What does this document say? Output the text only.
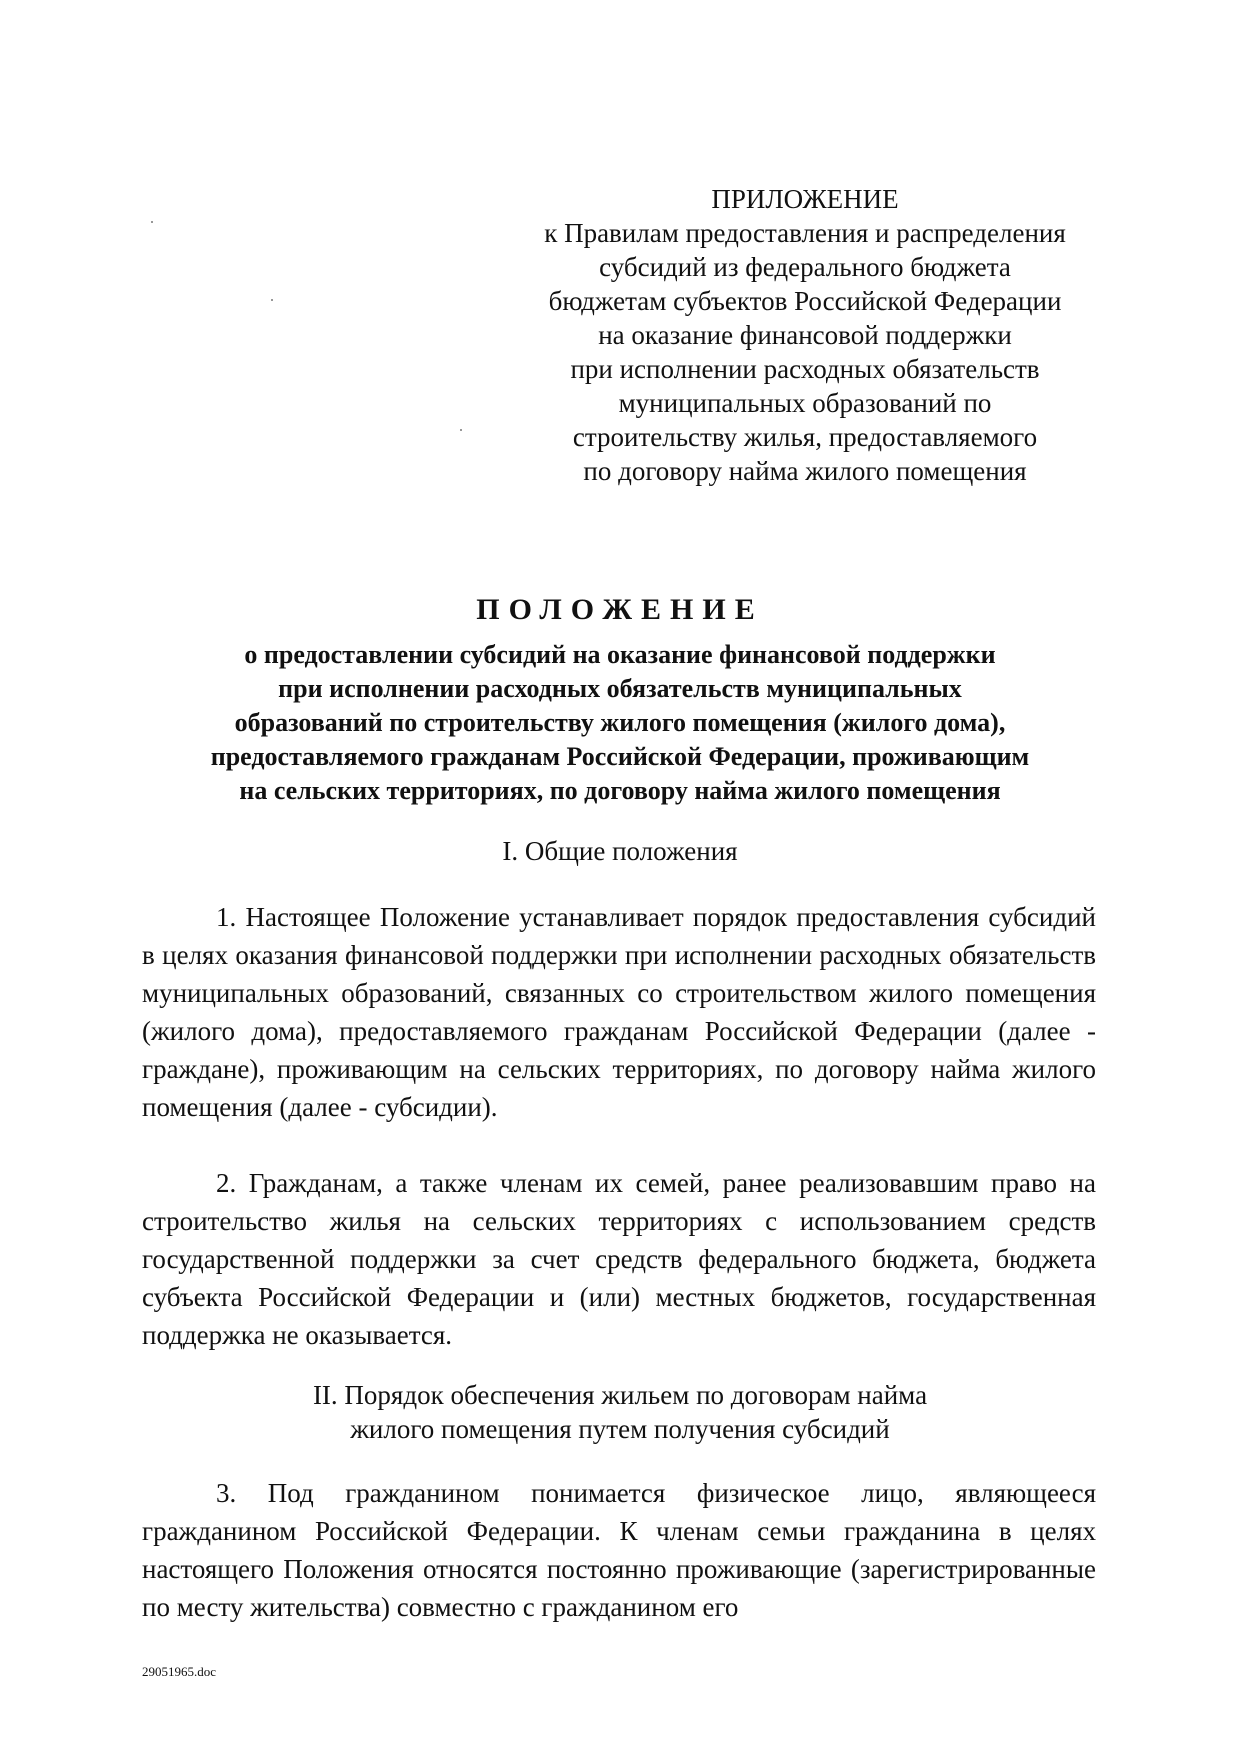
ПРИЛОЖЕНИЕ
к Правилам предоставления и распределения
субсидий из федерального бюджета
бюджетам субъектов Российской Федерации
на оказание финансовой поддержки
при исполнении расходных обязательств
муниципальных образований по
строительству жилья, предоставляемого
по договору найма жилого помещения
ПОЛОЖЕНИЕ
о предоставлении субсидий на оказание финансовой поддержки
при исполнении расходных обязательств муниципальных
образований по строительству жилого помещения (жилого дома),
предоставляемого гражданам Российской Федерации, проживающим
на сельских территориях, по договору найма жилого помещения
I. Общие положения

1. Настоящее Положение устанавливает порядок предоставления субсидий в целях оказания финансовой поддержки при исполнении расходных обязательств муниципальных образований, связанных со строительством жилого помещения (жилого дома), предоставляемого гражданам Российской Федерации (далее - граждане), проживающим на сельских территориях, по договору найма жилого помещения (далее - субсидии).

2. Гражданам, а также членам их семей, ранее реализовавшим право на строительство жилья на сельских территориях с использованием средств государственной поддержки за счет средств федерального бюджета, бюджета субъекта Российской Федерации и (или) местных бюджетов, государственная поддержка не оказывается.

II. Порядок обеспечения жильем по договорам найма
жилого помещения путем получения субсидий

3. Под гражданином понимается физическое лицо, являющееся гражданином Российской Федерации. К членам семьи гражданина в целях настоящего Положения относятся постоянно проживающие (зарегистрированные по месту жительства) совместно с гражданином его

29051965.doc
